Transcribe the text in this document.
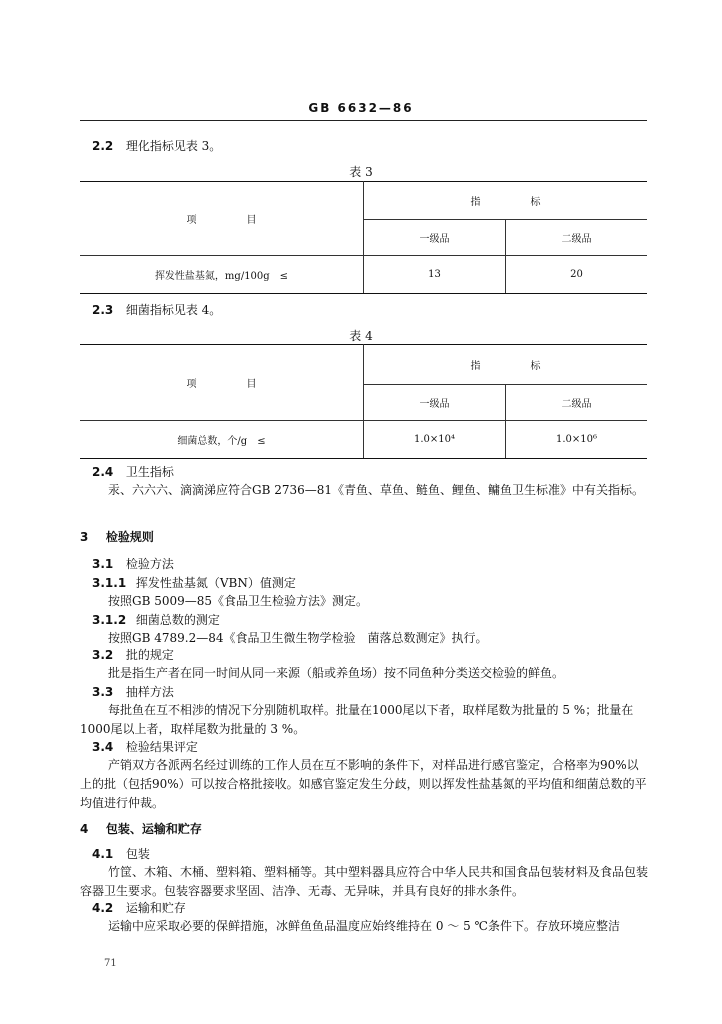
GB 6632—86
2.2 理化指标见表 3。
表 3
项　　　　　目	指　　　　　标	
	一级品	二级品
挥发性盐基氮，mg/100g　≤	13	20
2.3 细菌指标见表 4。
表 4
项　　　　　目	指　　　　　标	
	一级品	二级品
细菌总数，个/g　≤	1.0×10⁴	1.0×10⁶
2.4 卫生指标
汞、六六六、滴滴涕应符合GB 2736—81《青鱼、草鱼、鲢鱼、鲤鱼、鳙鱼卫生标准》中有关指标。
3 检验规则
3.1 检验方法
3.1.1 挥发性盐基氮（VBN）值测定
按照GB 5009—85《食品卫生检验方法》测定。
3.1.2 细菌总数的测定
按照GB 4789.2—84《食品卫生微生物学检验　菌落总数测定》执行。
3.2 批的规定
批是指生产者在同一时间从同一来源（船或养鱼场）按不同鱼种分类送交检验的鲜鱼。
3.3 抽样方法
每批鱼在互不相涉的情况下分别随机取样。批量在1000尾以下者，取样尾数为批量的 5 %；批量在1000尾以上者，取样尾数为批量的 3 %。
3.4 检验结果评定
产销双方各派两名经过训练的工作人员在互不影响的条件下，对样品进行感官鉴定，合格率为90%以上的批（包括90%）可以按合格批接收。如感官鉴定发生分歧，则以挥发性盐基氮的平均值和细菌总数的平均值进行仲裁。
4 包装、运输和贮存
4.1 包装
竹筐、木箱、木桶、塑料箱、塑料桶等。其中塑料器具应符合中华人民共和国食品包装材料及食品包装容器卫生要求。包装容器要求坚固、洁净、无毒、无异味，并具有良好的排水条件。
4.2 运输和贮存
运输中应采取必要的保鲜措施，冰鲜鱼鱼品温度应始终维持在 0 ～ 5 ℃条件下。存放环境应整洁
71
